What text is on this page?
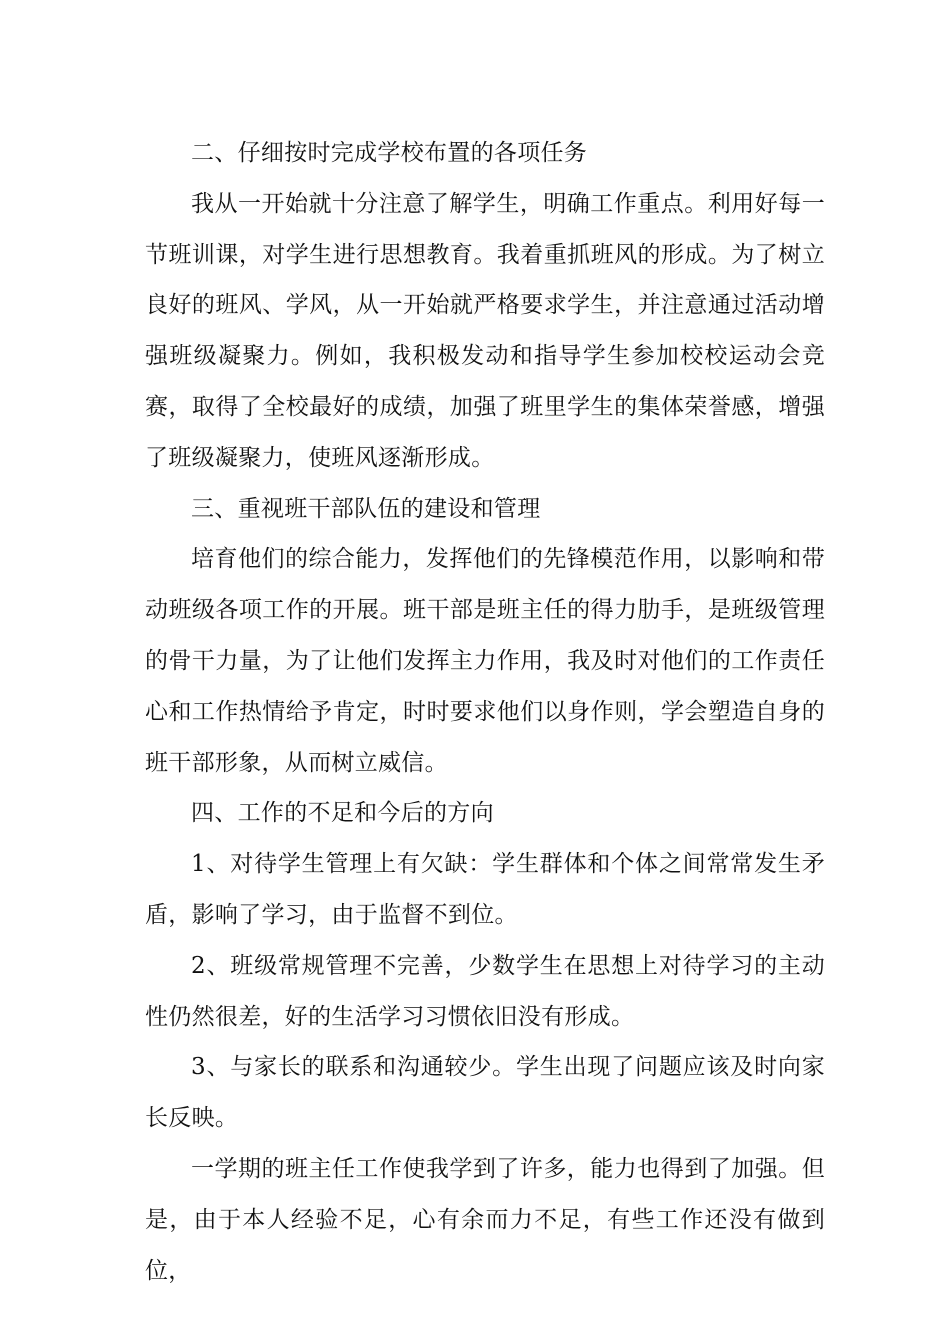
二、仔细按时完成学校布置的各项任务

我从一开始就十分注意了解学生，明确工作重点。利用好每一节班训课，对学生进行思想教育。我着重抓班风的形成。为了树立良好的班风、学风，从一开始就严格要求学生，并注意通过活动增强班级凝聚力。例如，我积极发动和指导学生参加校校运动会竞赛，取得了全校最好的成绩，加强了班里学生的集体荣誉感，增强了班级凝聚力，使班风逐渐形成。

三、重视班干部队伍的建设和管理

培育他们的综合能力，发挥他们的先锋模范作用，以影响和带动班级各项工作的开展。班干部是班主任的得力肋手，是班级管理的骨干力量，为了让他们发挥主力作用，我及时对他们的工作责任心和工作热情给予肯定，时时要求他们以身作则，学会塑造自身的班干部形象，从而树立威信。

四、工作的不足和今后的方向

1、对待学生管理上有欠缺：学生群体和个体之间常常发生矛盾，影响了学习，由于监督不到位。

2、班级常规管理不完善，少数学生在思想上对待学习的主动性仍然很差，好的生活学习习惯依旧没有形成。

3、与家长的联系和沟通较少。学生出现了问题应该及时向家长反映。

一学期的班主任工作使我学到了许多，能力也得到了加强。但是，由于本人经验不足，心有余而力不足，有些工作还没有做到位，
